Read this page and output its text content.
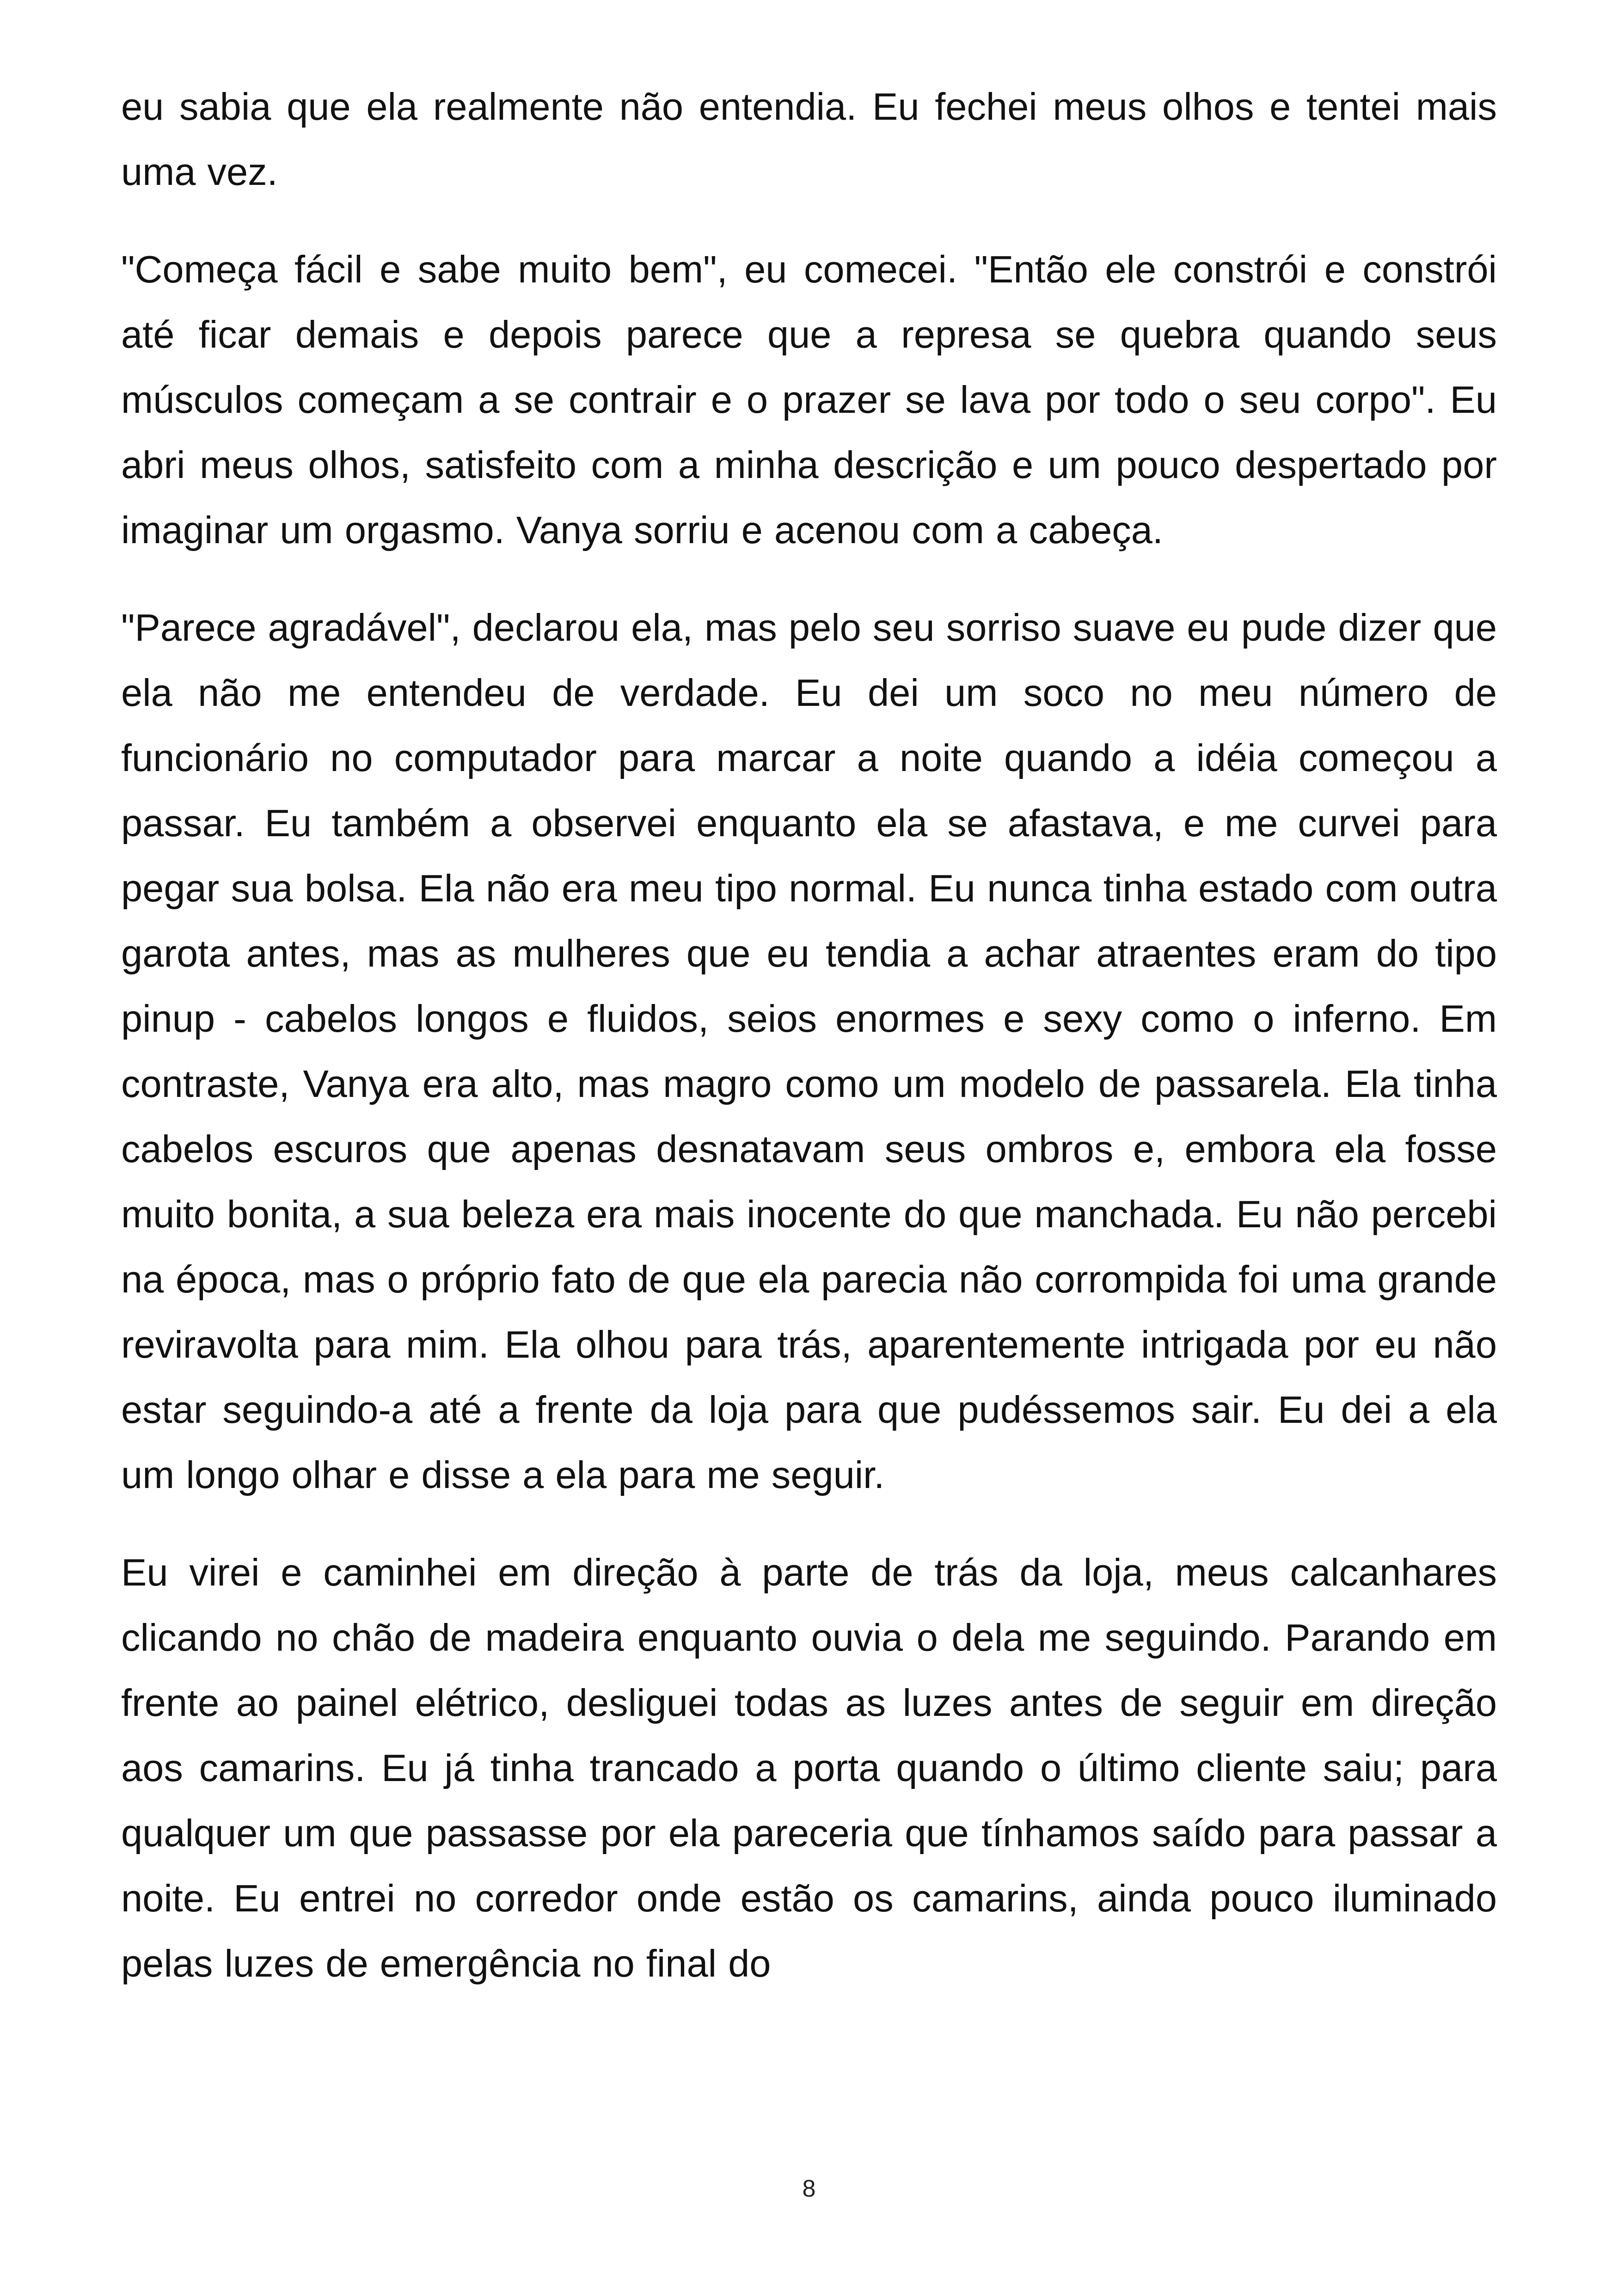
eu sabia que ela realmente não entendia. Eu fechei meus olhos e tentei mais uma vez.

"Começa fácil e sabe muito bem", eu comecei. "Então ele constrói e constrói até ficar demais e depois parece que a represa se quebra quando seus músculos começam a se contrair e o prazer se lava por todo o seu corpo". Eu abri meus olhos, satisfeito com a minha descrição e um pouco despertado por imaginar um orgasmo. Vanya sorriu e acenou com a cabeça.

"Parece agradável", declarou ela, mas pelo seu sorriso suave eu pude dizer que ela não me entendeu de verdade. Eu dei um soco no meu número de funcionário no computador para marcar a noite quando a idéia começou a passar. Eu também a observei enquanto ela se afastava, e me curvei para pegar sua bolsa. Ela não era meu tipo normal. Eu nunca tinha estado com outra garota antes, mas as mulheres que eu tendia a achar atraentes eram do tipo pinup - cabelos longos e fluidos, seios enormes e sexy como o inferno. Em contraste, Vanya era alto, mas magro como um modelo de passarela. Ela tinha cabelos escuros que apenas desnatavam seus ombros e, embora ela fosse muito bonita, a sua beleza era mais inocente do que manchada. Eu não percebi na época, mas o próprio fato de que ela parecia não corrompida foi uma grande reviravolta para mim. Ela olhou para trás, aparentemente intrigada por eu não estar seguindo-a até a frente da loja para que pudéssemos sair. Eu dei a ela um longo olhar e disse a ela para me seguir.

Eu virei e caminhei em direção à parte de trás da loja, meus calcanhares clicando no chão de madeira enquanto ouvia o dela me seguindo. Parando em frente ao painel elétrico, desliguei todas as luzes antes de seguir em direção aos camarins. Eu já tinha trancado a porta quando o último cliente saiu; para qualquer um que passasse por ela pareceria que tínhamos saído para passar a noite. Eu entrei no corredor onde estão os camarins, ainda pouco iluminado pelas luzes de emergência no final do

8
